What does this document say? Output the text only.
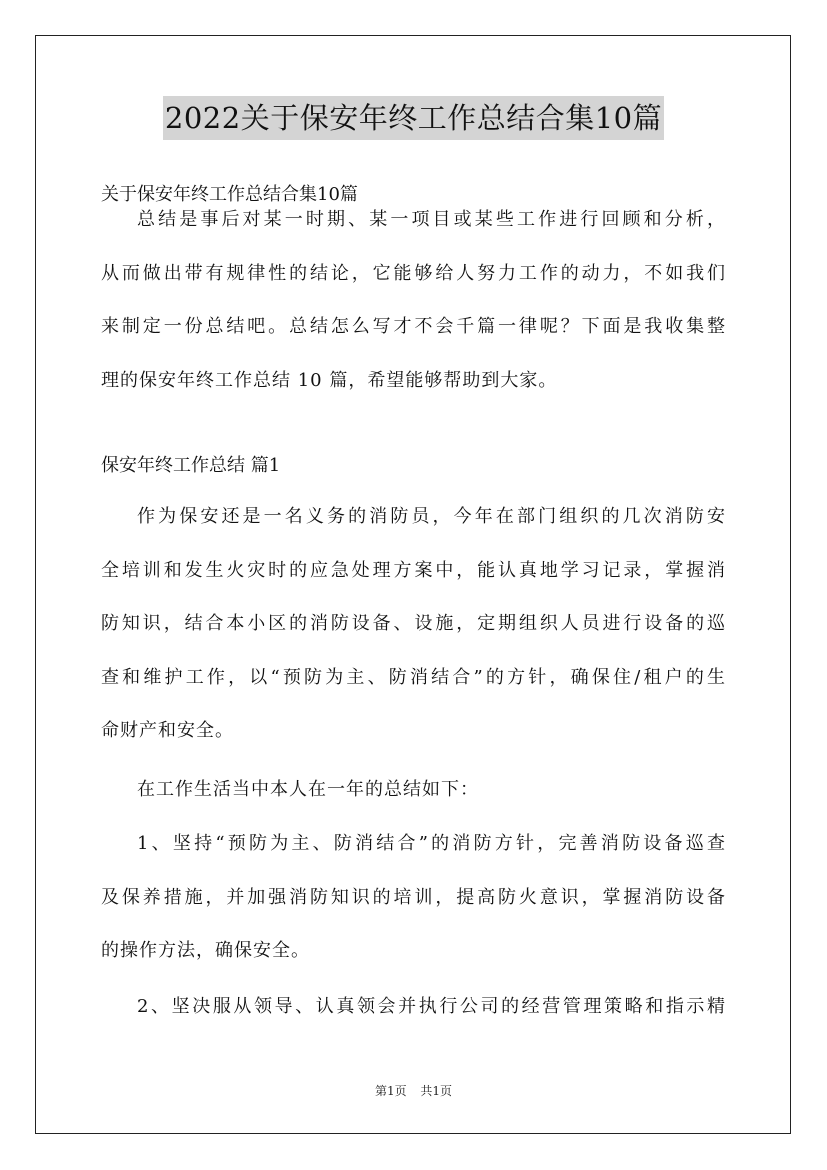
2022关于保安年终工作总结合集10篇
关于保安年终工作总结合集10篇
总结是事后对某一时期、某一项目或某些工作进行回顾和分析，
从而做出带有规律性的结论，它能够给人努力工作的动力，不如我们
来制定一份总结吧。总结怎么写才不会千篇一律呢？下面是我收集整
理的保安年终工作总结 10 篇，希望能够帮助到大家。
保安年终工作总结 篇1
作为保安还是一名义务的消防员，今年在部门组织的几次消防安
全培训和发生火灾时的应急处理方案中，能认真地学习记录，掌握消
防知识，结合本小区的消防设备、设施，定期组织人员进行设备的巡
查和维护工作，以“预防为主、防消结合”的方针，确保住/租户的生
命财产和安全。
在工作生活当中本人在一年的总结如下：
1、坚持“预防为主、防消结合”的消防方针，完善消防设备巡查
及保养措施，并加强消防知识的培训，提高防火意识，掌握消防设备
的操作方法，确保安全。
2、坚决服从领导、认真领会并执行公司的经营管理策略和指示精
第1页 共1页
